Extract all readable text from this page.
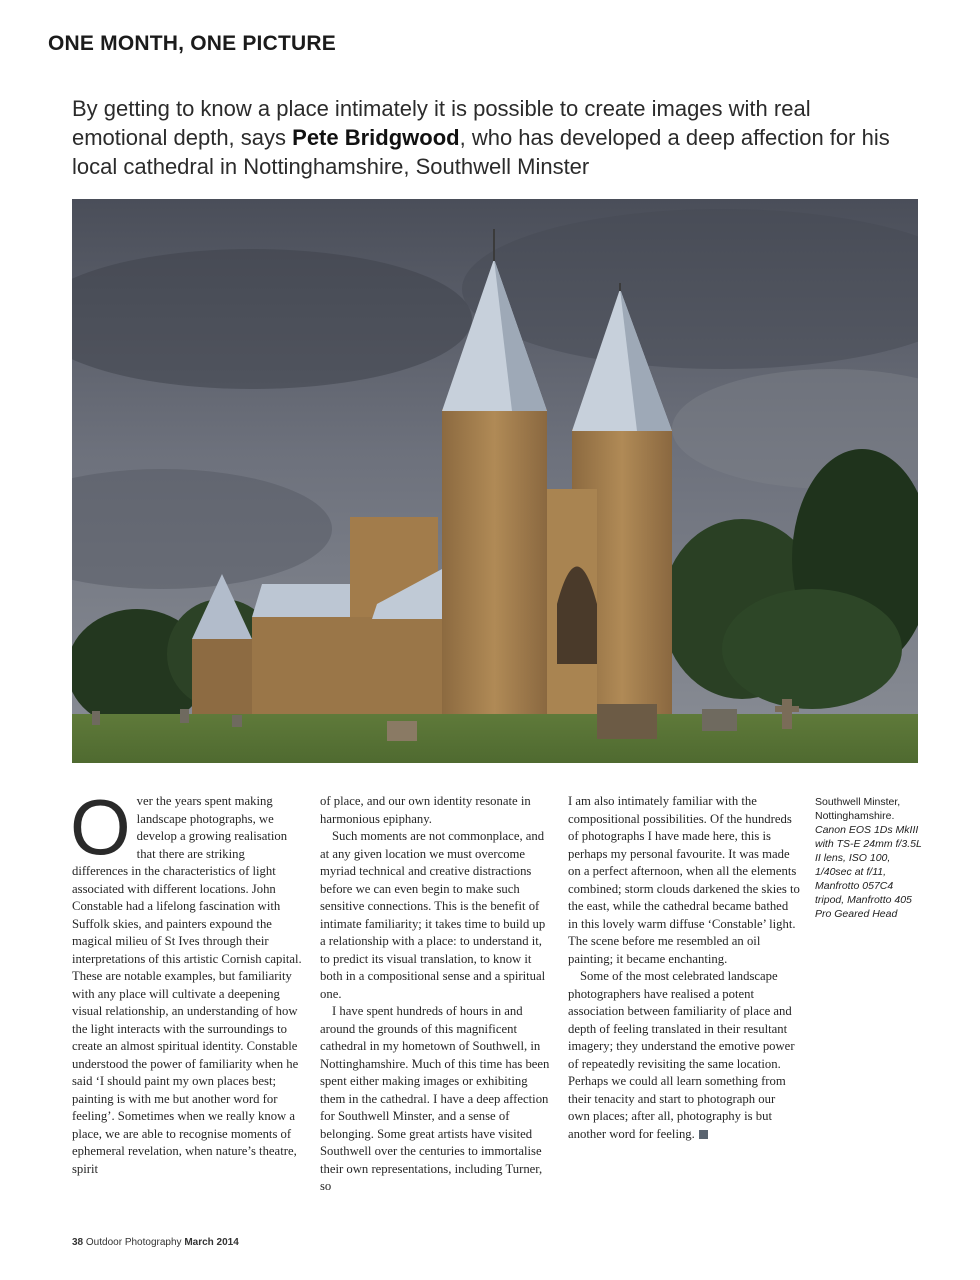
ONE MONTH, ONE PICTURE
By getting to know a place intimately it is possible to create images with real emotional depth, says Pete Bridgwood, who has developed a deep affection for his local cathedral in Nottinghamshire, Southwell Minster

Over the years spent making landscape photographs, we develop a growing realisation that there are striking differences in the characteristics of light associated with different locations. John Constable had a lifelong fascination with Suffolk skies, and painters expound the magical milieu of St Ives through their interpretations of this artistic Cornish capital. These are notable examples, but familiarity with any place will cultivate a deepening visual relationship, an understanding of how the light interacts with the surroundings to create an almost spiritual identity. Constable understood the power of familiarity when he said ‘I should paint my own places best; painting is with me but another word for feeling’. Sometimes when we really know a place, we are able to recognise moments of ephemeral revelation, when nature’s theatre, spirit

of place, and our own identity resonate in harmonious epiphany.

Such moments are not commonplace, and at any given location we must overcome myriad technical and creative distractions before we can even begin to make such sensitive connections. This is the benefit of intimate familiarity; it takes time to build up a relationship with a place: to understand it, to predict its visual translation, to know it both in a compositional sense and a spiritual one.

I have spent hundreds of hours in and around the grounds of this magnificent cathedral in my hometown of Southwell, in Nottinghamshire. Much of this time has been spent either making images or exhibiting them in the cathedral. I have a deep affection for Southwell Minster, and a sense of belonging. Some great artists have visited Southwell over the centuries to immortalise their own representations, including Turner, so

I am also intimately familiar with the compositional possibilities. Of the hundreds of photographs I have made here, this is perhaps my personal favourite. It was made on a perfect afternoon, when all the elements combined; storm clouds darkened the skies to the east, while the cathedral became bathed in this lovely warm diffuse ‘Constable’ light. The scene before me resembled an oil painting; it became enchanting.

Some of the most celebrated landscape photographers have realised a potent association between familiarity of place and depth of feeling translated in their resultant imagery; they understand the emotive power of repeatedly revisiting the same location. Perhaps we could all learn something from their tenacity and start to photograph our own places; after all, photography is but another word for feeling.

Southwell Minster, Nottinghamshire.
Canon EOS 1Ds MkIII with TS-E 24mm f/3.5L II lens, ISO 100, 1/40sec at f/11, Manfrotto 057C4 tripod, Manfrotto 405 Pro Geared Head
38 Outdoor Photography March 2014
